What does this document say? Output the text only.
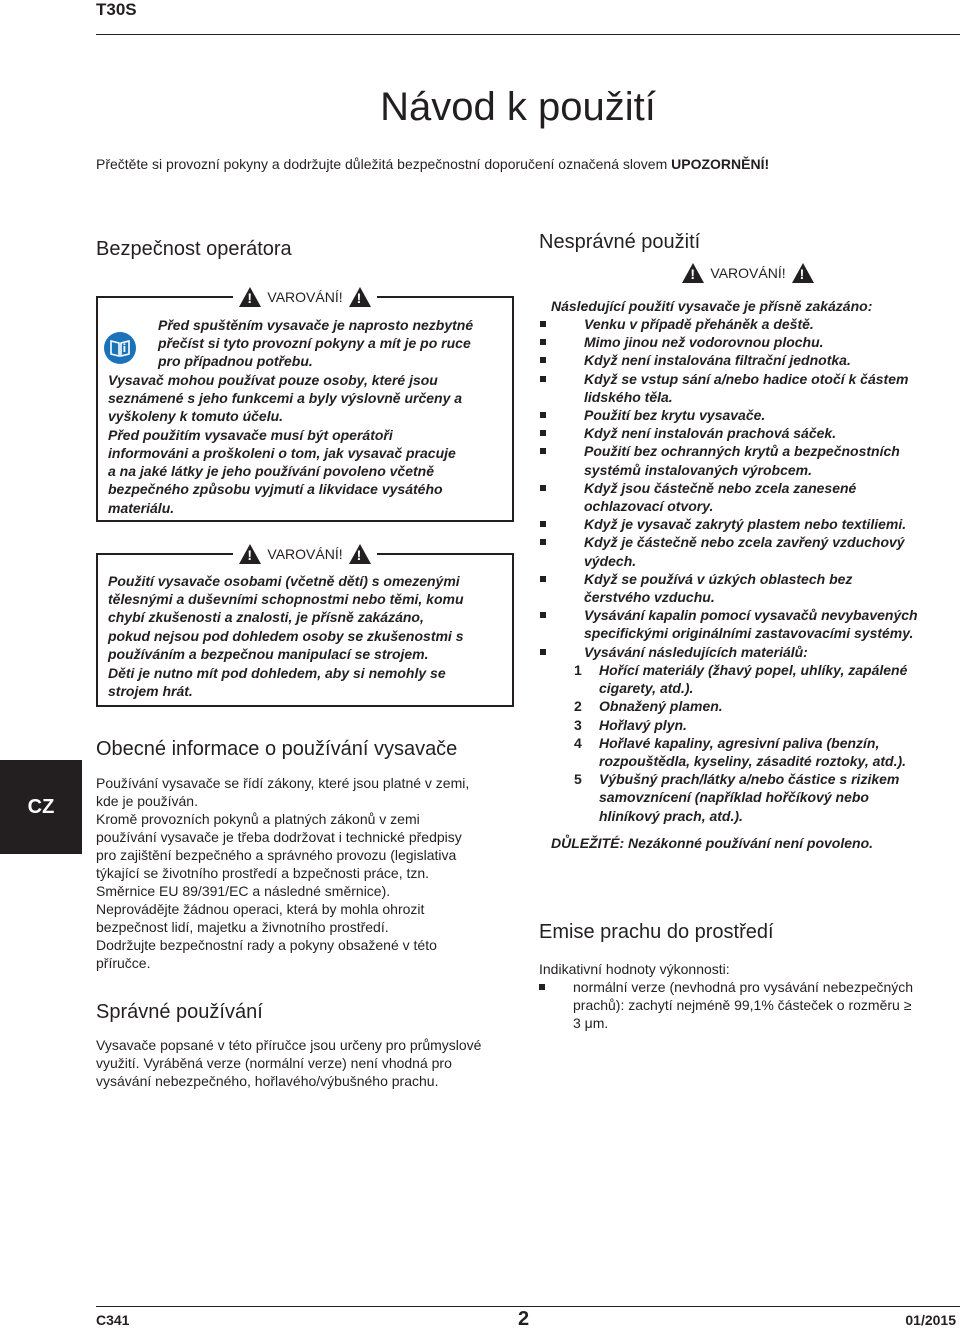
T30S
Návod k použití
Přečtěte si provozní pokyny a dodržujte důležitá bezpečnostní doporučení označená slovem UPOZORNĚNÍ!
Bezpečnost operátora
!
VAROVÁNÍ!
!
Před spuštěním vysavače je naprosto nezbytné
přečíst si tyto provozní pokyny a mít je po ruce
pro případnou potřebu.
Vysavač mohou používat pouze osoby, které jsou
seznámené s jeho funkcemi a byly výslovně určeny a
vyškoleny k tomuto účelu.
Před použitím vysavače musí být operátoři
informováni a proškoleni o tom, jak vysavač pracuje
a na jaké látky je jeho používání povoleno včetně
bezpečného způsobu vyjmutí a likvidace vysátého
materiálu.
!
VAROVÁNÍ!
!
Použití vysavače osobami (včetně dětí) s omezenými
tělesnými a duševními schopnostmi nebo těmi, komu
chybí zkušenosti a znalosti, je přísně zakázáno,
pokud nejsou pod dohledem osoby se zkušenostmi s
používáním a bezpečnou manipulací se strojem.
Děti je nutno mít pod dohledem, aby si nemohly se
strojem hrát.
Obecné informace o používání vysavače
Používání vysavače se řídí zákony, které jsou platné v zemi,
kde je používán.
Kromě provozních pokynů a platných zákonů v zemi
používání vysavače je třeba dodržovat i technické předpisy
pro zajištění bezpečného a správného provozu (legislativa
týkající se životního prostředí a bzpečnosti práce, tzn.
Směrnice EU 89/391/EC a následné směrnice).
Neprovádějte žádnou operaci, která by mohla ohrozit
bezpečnost lidí, majetku a živnotního prostředí.
Dodržujte bezpečnostní rady a pokyny obsažené v této
příručce.
Správné používání
Vysavače popsané v této příručce jsou určeny pro průmyslové
využití. Vyráběná verze (normální verze) není vhodná pro
vysávání nebezpečného, hořlavého/výbušného prachu.
Nesprávné použití
!
VAROVÁNÍ!
!
Následující použití vysavače je přísně zakázáno:
Venku v případě přeháněk a deště.
Mimo jinou než vodorovnou plochu.
Když není instalována filtrační jednotka.
Když se vstup sání a/nebo hadice otočí k částem
lidského těla.
Použití bez krytu vysavače.
Když není instalován prachová sáček.
Použití bez ochranných krytů a bezpečnostních
systémů instalovaných výrobcem.
Když jsou částečně nebo zcela zanesené
ochlazovací otvory.
Když je vysavač zakrytý plastem nebo textiliemi.
Když je částečně nebo zcela zavřený vzduchový
výdech.
Když se používá v úzkých oblastech bez
čerstvého vzduchu.
Vysávání kapalin pomocí vysavačů nevybavených
specifickými originálními zastavovacími systémy.
Vysávání následujících materiálů:
1 Hořící materiály (žhavý popel, uhlíky, zapálené
cigarety, atd.).
2 Obnažený plamen.
3 Hořlavý plyn.
4 Hořlavé kapaliny, agresivní paliva (benzín,
rozpouštědla, kyseliny, zásadité roztoky, atd.).
5 Výbušný prach/látky a/nebo částice s rizikem
samovznícení (například hořčíkový nebo
hliníkový prach, atd.).
DŮLEŽITÉ: Nezákonné používání není povoleno.
Emise prachu do prostředí
Indikativní hodnoty výkonnosti:
normální verze (nevhodná pro vysávání nebezpečných
prachů): zachytí nejméně 99,1% částeček o rozměru ≥
3 μm.
CZ
C341	2	01/2015
